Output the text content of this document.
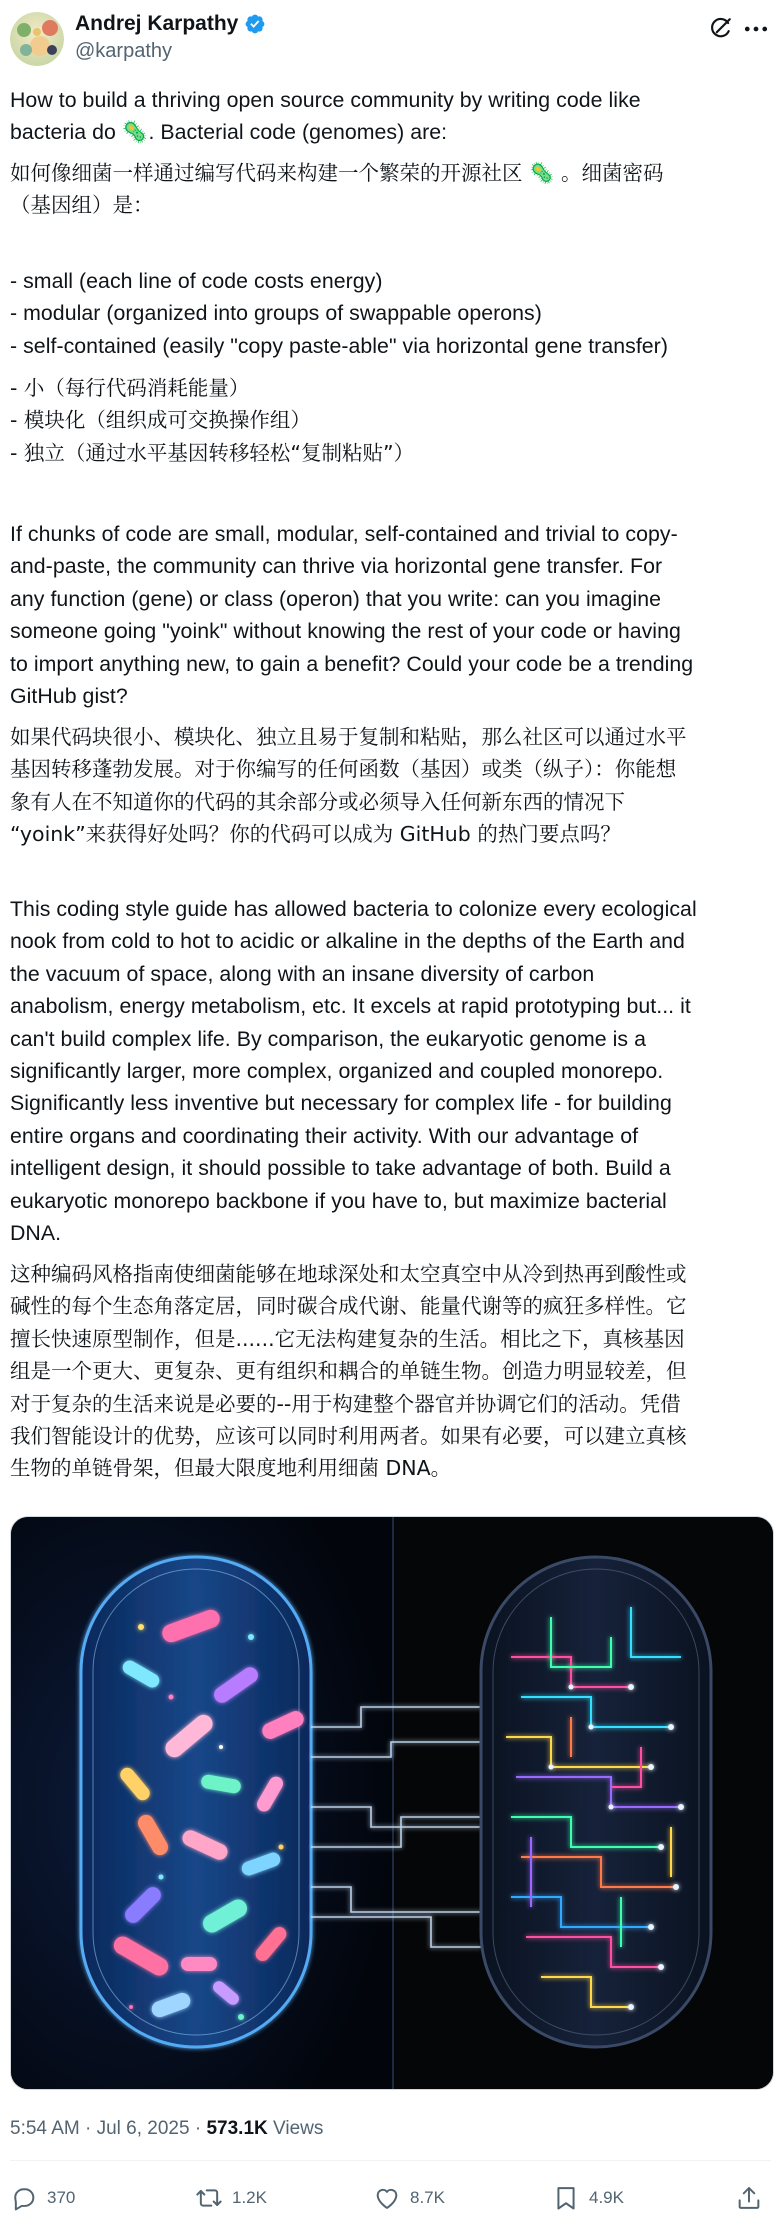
Andrej Karpathy
@karpathy
How to build a thriving open source community by writing code like
bacteria do 🦠. Bacterial code (genomes) are:
如何像细菌一样通过编写代码来构建一个繁荣的开源社区 🦠 。细菌密码
（基因组）是：
- small (each line of code costs energy)
- modular (organized into groups of swappable operons)
- self-contained (easily "copy paste-able" via horizontal gene transfer)
- 小（每行代码消耗能量）
- 模块化（组织成可交换操作组）
- 独立（通过水平基因转移轻松“复制粘贴”）
If chunks of code are small, modular, self-contained and trivial to copy-
and-paste, the community can thrive via horizontal gene transfer. For
any function (gene) or class (operon) that you write: can you imagine
someone going "yoink" without knowing the rest of your code or having
to import anything new, to gain a benefit? Could your code be a trending
GitHub gist?
如果代码块很小、模块化、独立且易于复制和粘贴，那么社区可以通过水平
基因转移蓬勃发展。对于你编写的任何函数（基因）或类（纵子）：你能想
象有人在不知道你的代码的其余部分或必须导入任何新东西的情况下
“yoink”来获得好处吗？你的代码可以成为 GitHub 的热门要点吗？
This coding style guide has allowed bacteria to colonize every ecological
nook from cold to hot to acidic or alkaline in the depths of the Earth and
the vacuum of space, along with an insane diversity of carbon
anabolism, energy metabolism, etc. It excels at rapid prototyping but... it
can't build complex life. By comparison, the eukaryotic genome is a
significantly larger, more complex, organized and coupled monorepo.
Significantly less inventive but necessary for complex life - for building
entire organs and coordinating their activity. With our advantage of
intelligent design, it should possible to take advantage of both. Build a
eukaryotic monorepo backbone if you have to, but maximize bacterial
DNA.
这种编码风格指南使细菌能够在地球深处和太空真空中从冷到热再到酸性或
碱性的每个生态角落定居，同时碳合成代谢、能量代谢等的疯狂多样性。它
擅长快速原型制作，但是......它无法构建复杂的生活。相比之下，真核基因
组是一个更大、更复杂、更有组织和耦合的单链生物。创造力明显较差，但
对于复杂的生活来说是必要的--用于构建整个器官并协调它们的活动。凭借
我们智能设计的优势，应该可以同时利用两者。如果有必要，可以建立真核
生物的单链骨架，但最大限度地利用细菌 DNA。
5:54 AM · Jul 6, 2025 · 573.1K Views
370	1.2K	8.7K	4.9K
